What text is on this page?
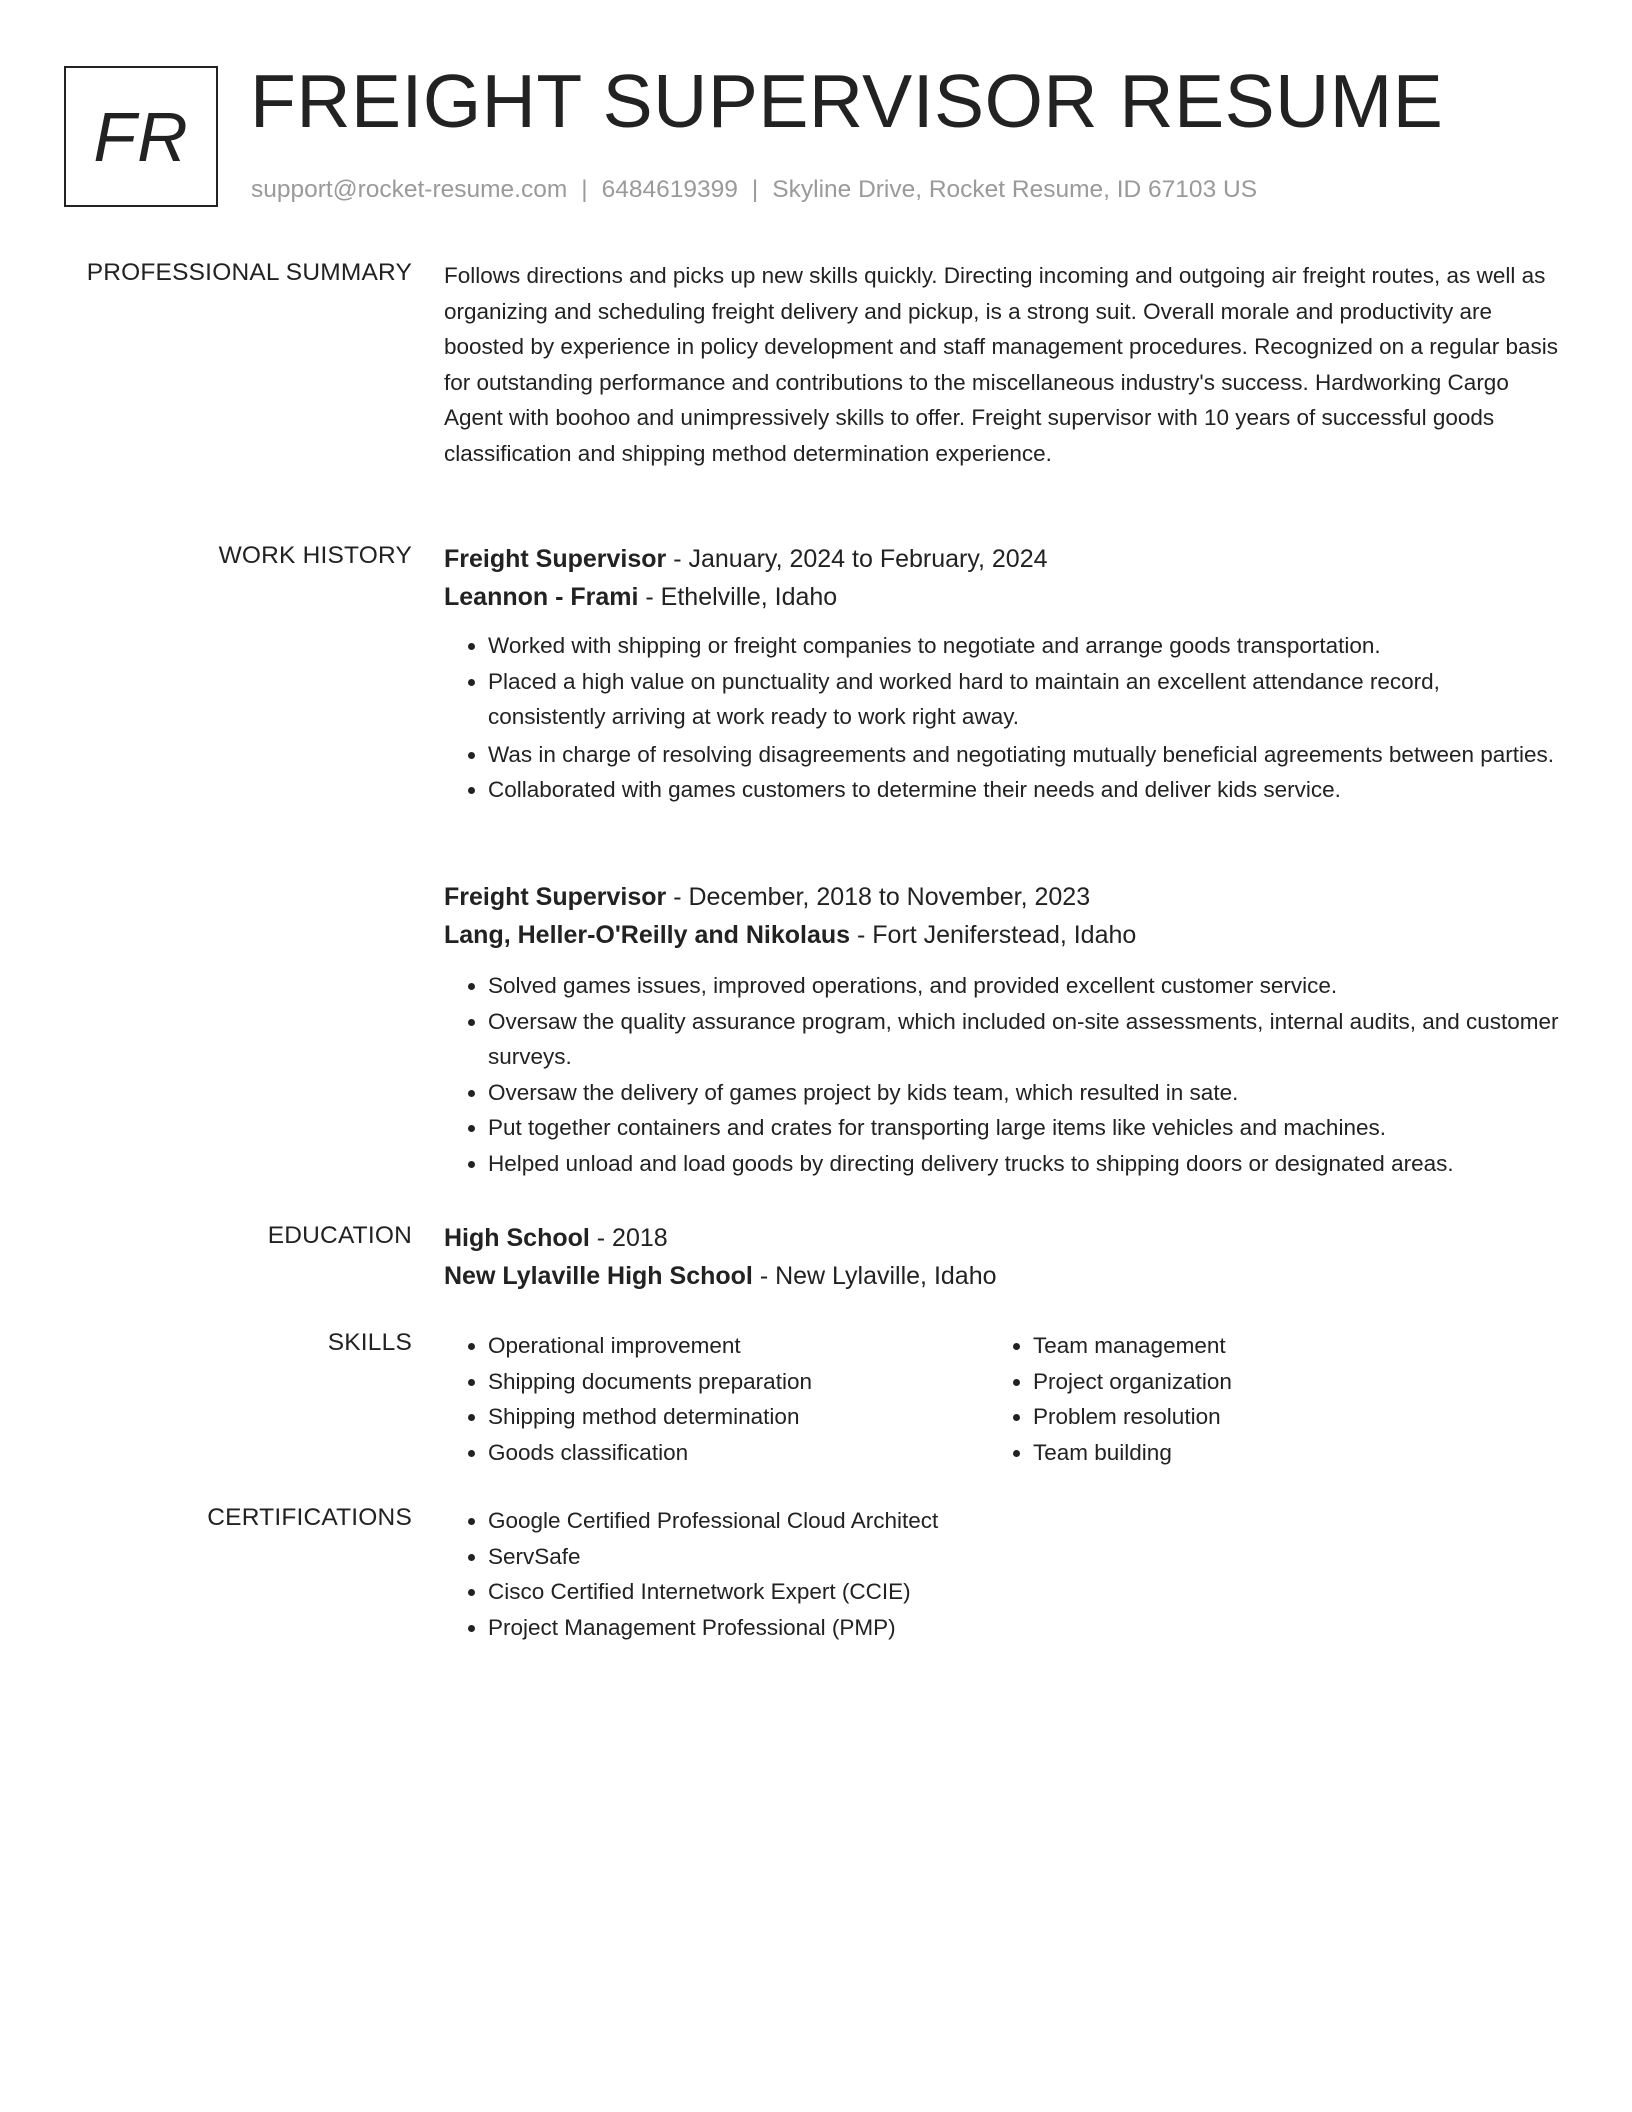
FR FREIGHT SUPERVISOR RESUME
support@rocket-resume.com | 6484619399 | Skyline Drive, Rocket Resume, ID 67103 US
PROFESSIONAL SUMMARY Follows directions and picks up new skills quickly. Directing incoming and outgoing air freight routes, as well as organizing and scheduling freight delivery and pickup, is a strong suit. Overall morale and productivity are boosted by experience in policy development and staff management procedures. Recognized on a regular basis for outstanding performance and contributions to the miscellaneous industry's success. Hardworking Cargo Agent with boohoo and unimpressively skills to offer. Freight supervisor with 10 years of successful goods classification and shipping method determination experience.

WORK HISTORY Freight Supervisor - January, 2024 to February, 2024
Leannon - Frami - Ethelville, Idaho
• Worked with shipping or freight companies to negotiate and arrange goods transportation.
• Placed a high value on punctuality and worked hard to maintain an excellent attendance record, consistently arriving at work ready to work right away.
• Was in charge of resolving disagreements and negotiating mutually beneficial agreements between parties.
• Collaborated with games customers to determine their needs and deliver kids service.
Freight Supervisor - December, 2018 to November, 2023
Lang, Heller-O'Reilly and Nikolaus - Fort Jeniferstead, Idaho
• Solved games issues, improved operations, and provided excellent customer service.
• Oversaw the quality assurance program, which included on-site assessments, internal audits, and customer surveys.
• Oversaw the delivery of games project by kids team, which resulted in sate.
• Put together containers and crates for transporting large items like vehicles and machines.
• Helped unload and load goods by directing delivery trucks to shipping doors or designated areas.
EDUCATION High School - 2018
New Lylaville High School - New Lylaville, Idaho
SKILLS	• Operational improvement
• Shipping documents preparation
• Shipping method determination
• Goods classification
• Team management
• Project organization
• Problem resolution
• Team building
CERTIFICATIONS	• Google Certified Professional Cloud Architect
• ServSafe
• Cisco Certified Internetwork Expert (CCIE)
• Project Management Professional (PMP)
